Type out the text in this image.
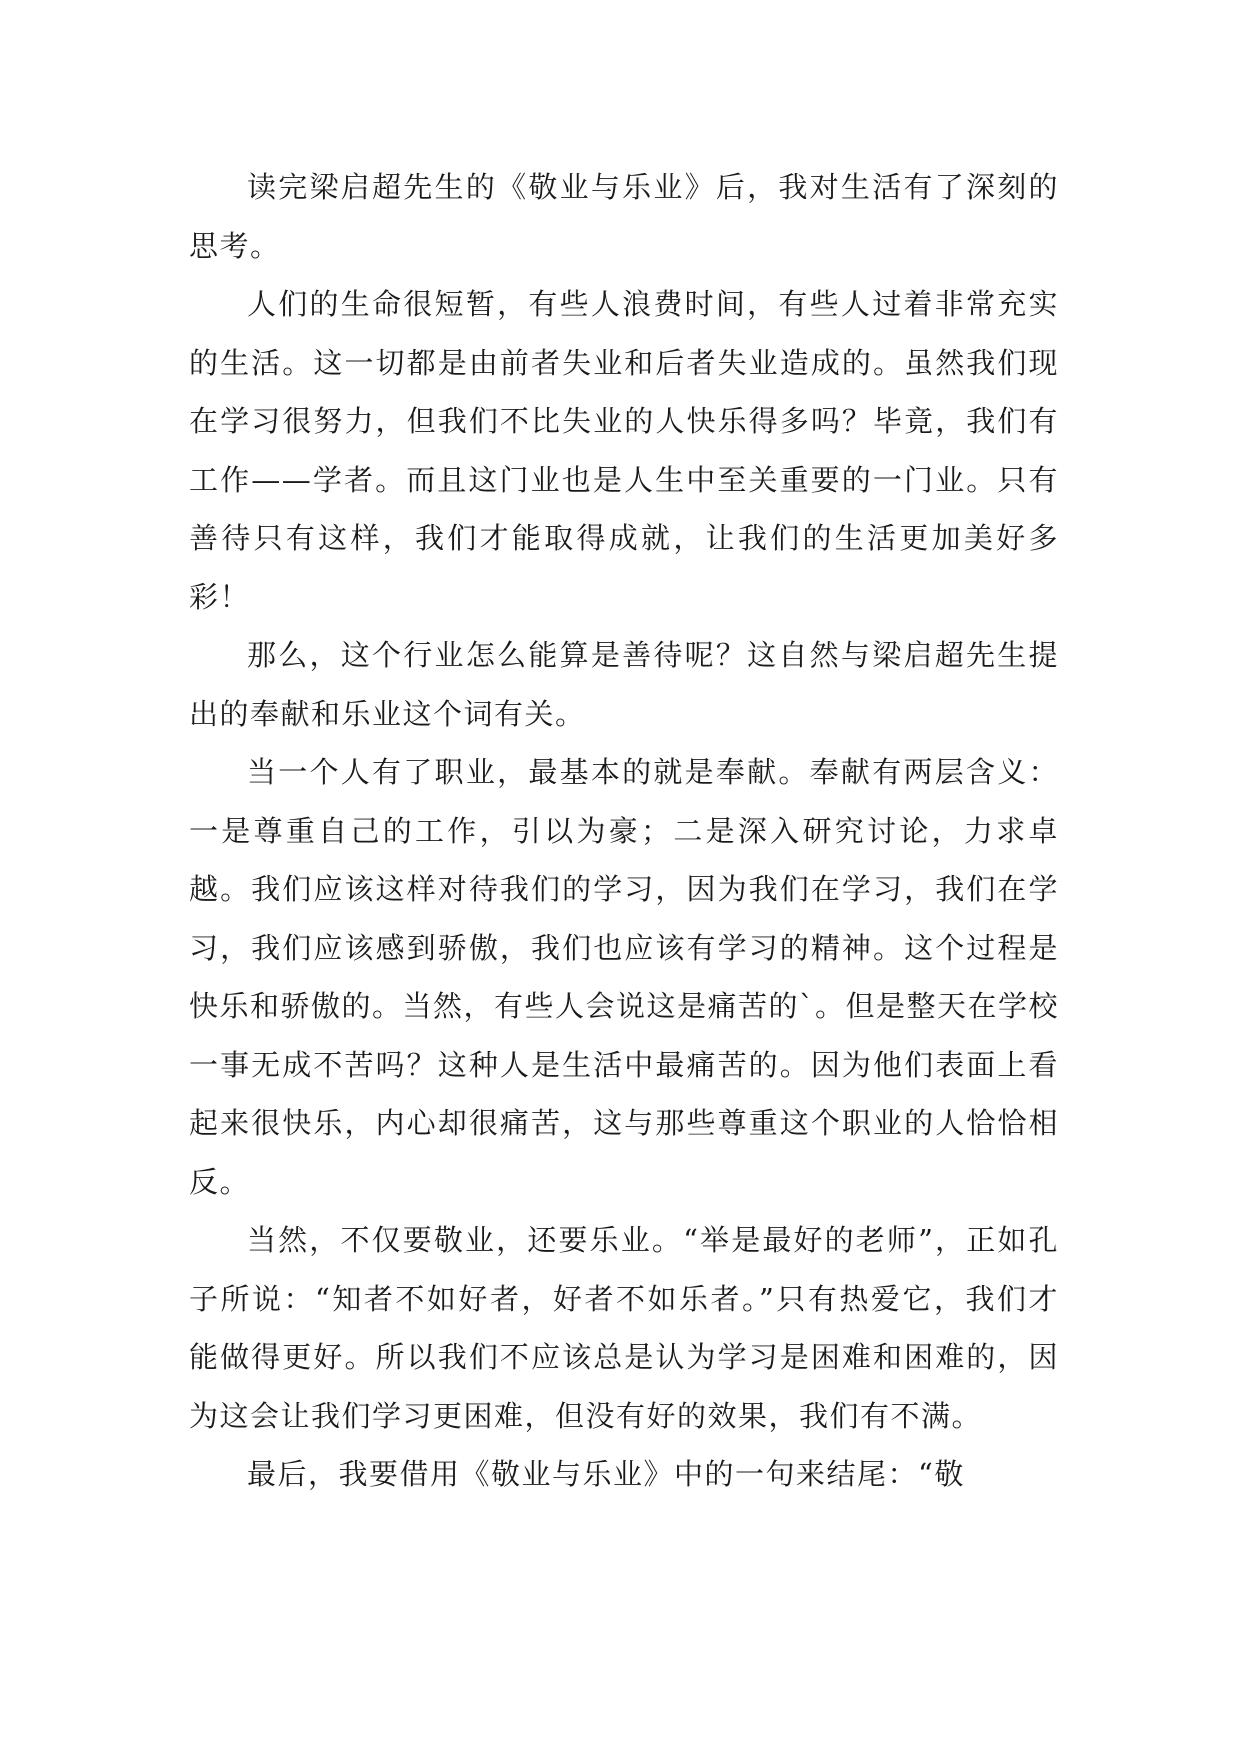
读完梁启超先生的《敬业与乐业》后，我对生活有了深刻的思考。

人们的生命很短暂，有些人浪费时间，有些人过着非常充实的生活。这一切都是由前者失业和后者失业造成的。虽然我们现在学习很努力，但我们不比失业的人快乐得多吗？毕竟，我们有工作——学者。而且这门业也是人生中至关重要的一门业。只有善待只有这样，我们才能取得成就，让我们的生活更加美好多彩！

那么，这个行业怎么能算是善待呢？这自然与梁启超先生提出的奉献和乐业这个词有关。

当一个人有了职业，最基本的就是奉献。奉献有两层含义：一是尊重自己的工作，引以为豪；二是深入研究讨论，力求卓越。我们应该这样对待我们的学习，因为我们在学习，我们在学习，我们应该感到骄傲，我们也应该有学习的精神。这个过程是快乐和骄傲的。当然，有些人会说这是痛苦的`。但是整天在学校一事无成不苦吗？这种人是生活中最痛苦的。因为他们表面上看起来很快乐，内心却很痛苦，这与那些尊重这个职业的人恰恰相反。

当然，不仅要敬业，还要乐业。“举是最好的老师”，正如孔子所说：“知者不如好者，好者不如乐者。”只有热爱它，我们才能做得更好。所以我们不应该总是认为学习是困难和困难的，因为这会让我们学习更困难，但没有好的效果，我们有不满。

最后，我要借用《敬业与乐业》中的一句来结尾：“敬
